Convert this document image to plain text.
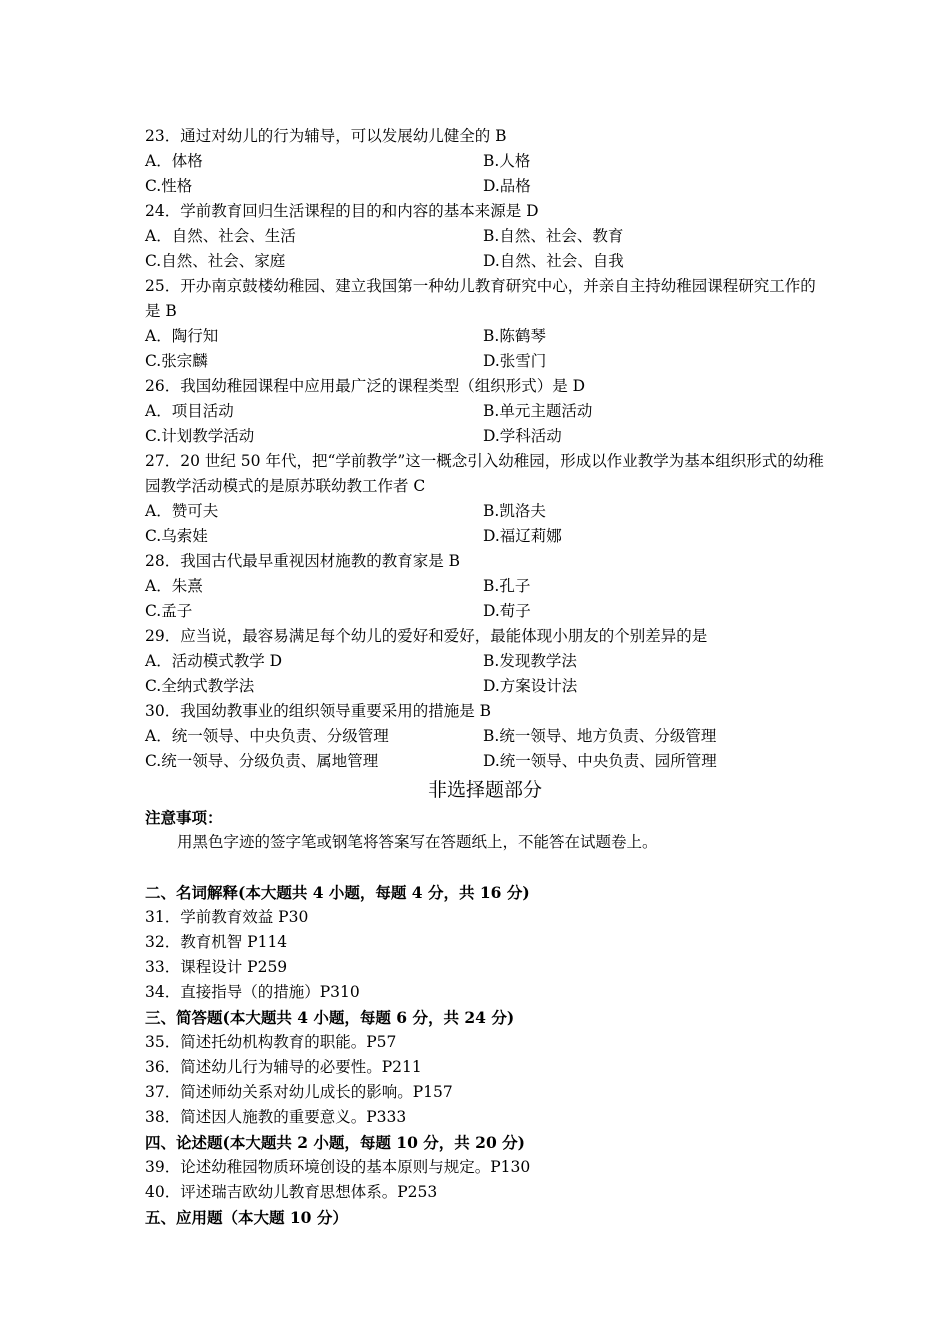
23．通过对幼儿的行为辅导，可以发展幼儿健全的 B
A．体格	B.人格
C.性格	D.品格
24．学前教育回归生活课程的目的和内容的基本来源是 D
A．自然、社会、生活	B.自然、社会、教育
C.自然、社会、家庭	D.自然、社会、自我
25．开办南京鼓楼幼稚园、建立我国第一种幼儿教育研究中心，并亲自主持幼稚园课程研究工作的是 B
A．陶行知	B.陈鹤琴
C.张宗麟	D.张雪门
26．我国幼稚园课程中应用最广泛的课程类型（组织形式）是 D
A．项目活动	B.单元主题活动
C.计划教学活动	D.学科活动
27．20 世纪 50 年代，把“学前教学”这一概念引入幼稚园，形成以作业教学为基本组织形式的幼稚园教学活动模式的是原苏联幼教工作者 C
A．赞可夫	B.凯洛夫
C.乌索娃	D.福辽莉娜
28．我国古代最早重视因材施教的教育家是 B
A．朱熹	B.孔子
C.孟子	D.荀子
29．应当说，最容易满足每个幼儿的爱好和爱好，最能体现小朋友的个别差异的是
A．活动模式教学 D	B.发现教学法
C.全纳式教学法	D.方案设计法
30．我国幼教事业的组织领导重要采用的措施是 B
A．统一领导、中央负责、分级管理	B.统一领导、地方负责、分级管理
C.统一领导、分级负责、属地管理	D.统一领导、中央负责、园所管理
非选择题部分
注意事项：
用黑色字迹的签字笔或钢笔将答案写在答题纸上，不能答在试题卷上。
二、名词解释(本大题共 4 小题，每题 4 分，共 16 分)
31．学前教育效益 P30
32．教育机智 P114
33．课程设计 P259
34．直接指导（的措施）P310
三、简答题(本大题共 4 小题，每题 6 分，共 24 分)
35．简述托幼机构教育的职能。P57
36．简述幼儿行为辅导的必要性。P211
37．简述师幼关系对幼儿成长的影响。P157
38．简述因人施教的重要意义。P333
四、论述题(本大题共 2 小题，每题 10 分，共 20 分)
39．论述幼稚园物质环境创设的基本原则与规定。P130
40．评述瑞吉欧幼儿教育思想体系。P253
五、应用题（本大题 10 分）
